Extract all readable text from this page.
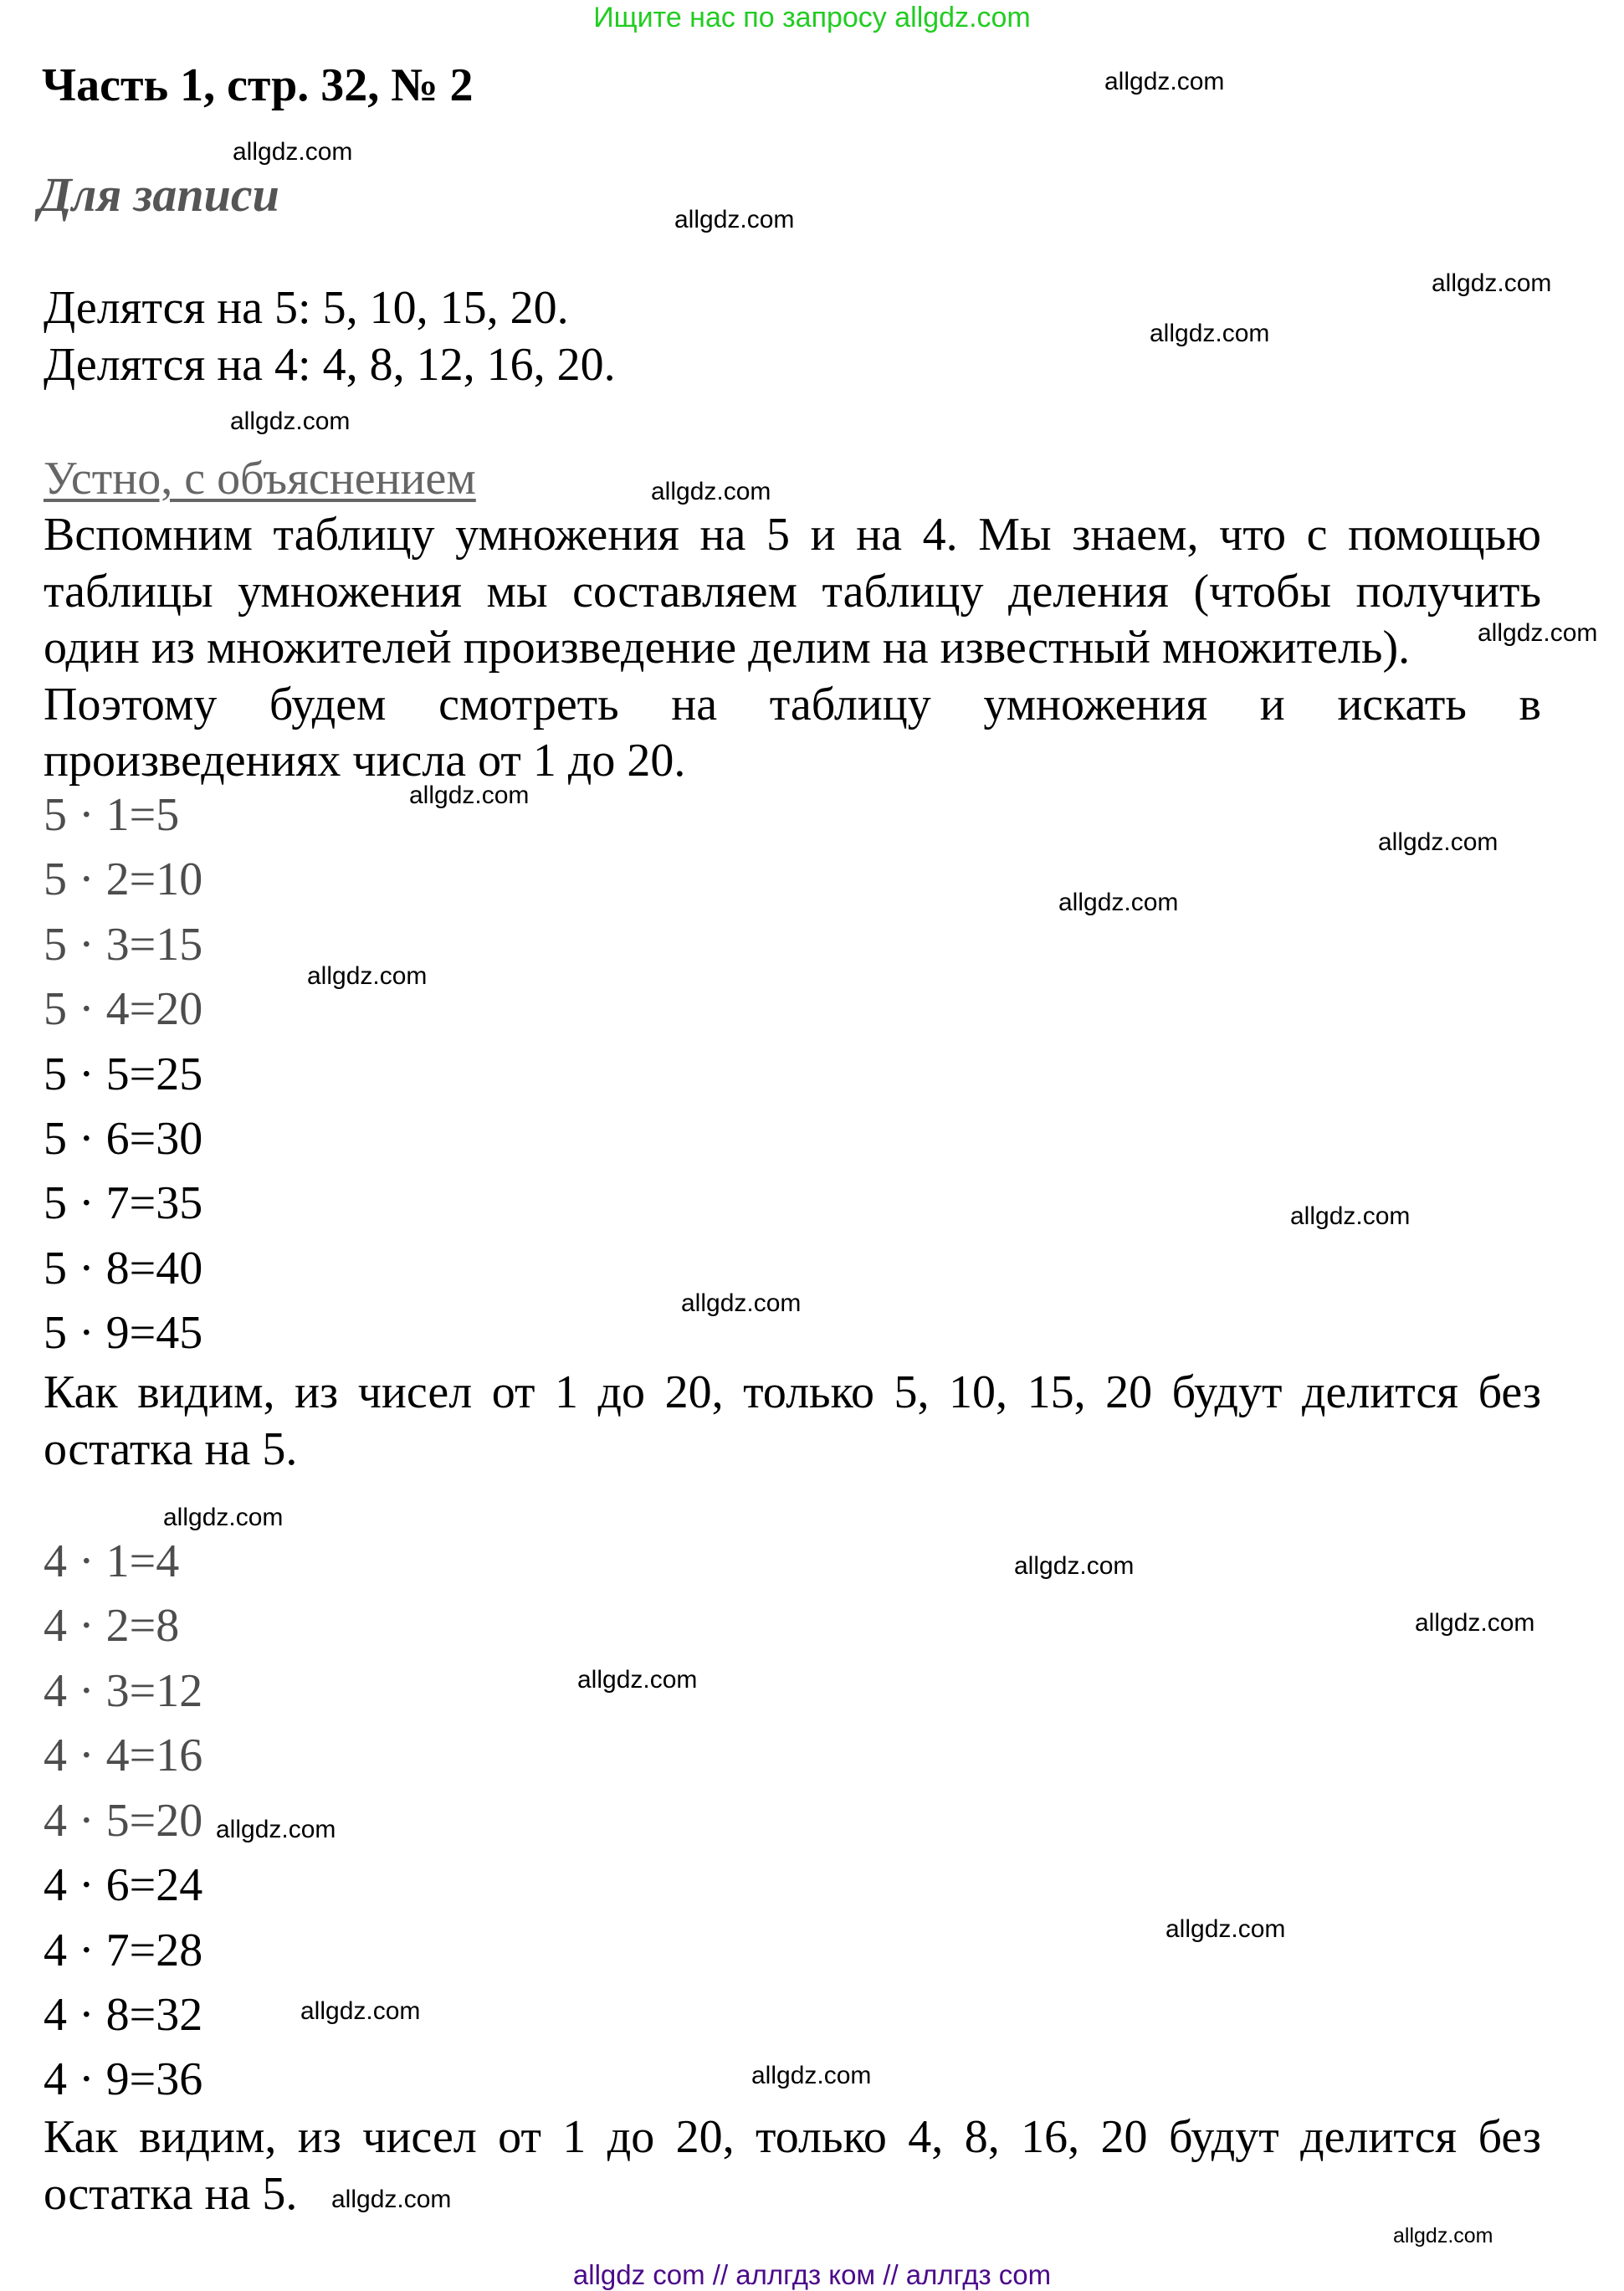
Ищите нас по запросу allgdz.com
Часть 1, стр. 32, № 2
Для записи
Делятся на 5: 5, 10, 15, 20.
Делятся на 4: 4, 8, 12, 16, 20.
Устно, с объяснением
Вспомним таблицу умножения на 5 и на 4. Мы знаем, что с помощью
таблицы умножения мы составляем таблицу деления (чтобы получить
один из множителей произведение делим на известный множитель).
Поэтому будем смотреть на таблицу умножения и искать в
произведениях числа от 1 до 20.
5 · 1=5
5 · 2=10
5 · 3=15
5 · 4=20
5 · 5=25
5 · 6=30
5 · 7=35
5 · 8=40
5 · 9=45
Как видим, из чисел от 1 до 20, только 5, 10, 15, 20 будут делится без
остатка на 5.
4 · 1=4
4 · 2=8
4 · 3=12
4 · 4=16
4 · 5=20
4 · 6=24
4 · 7=28
4 · 8=32
4 · 9=36
Как видим, из чисел от 1 до 20, только 4, 8, 16, 20 будут делится без
остатка на 5.
allgdz.com
allgdz.com
allgdz.com
allgdz.com
allgdz.com
allgdz.com
allgdz.com
allgdz.com
allgdz.com
allgdz.com
allgdz.com
allgdz.com
allgdz.com
allgdz.com
allgdz.com
allgdz.com
allgdz.com
allgdz.com
allgdz.com
allgdz.com
allgdz.com
allgdz.com
allgdz.com
allgdz.com
allgdz com // аллгдз ком // аллгдз com
